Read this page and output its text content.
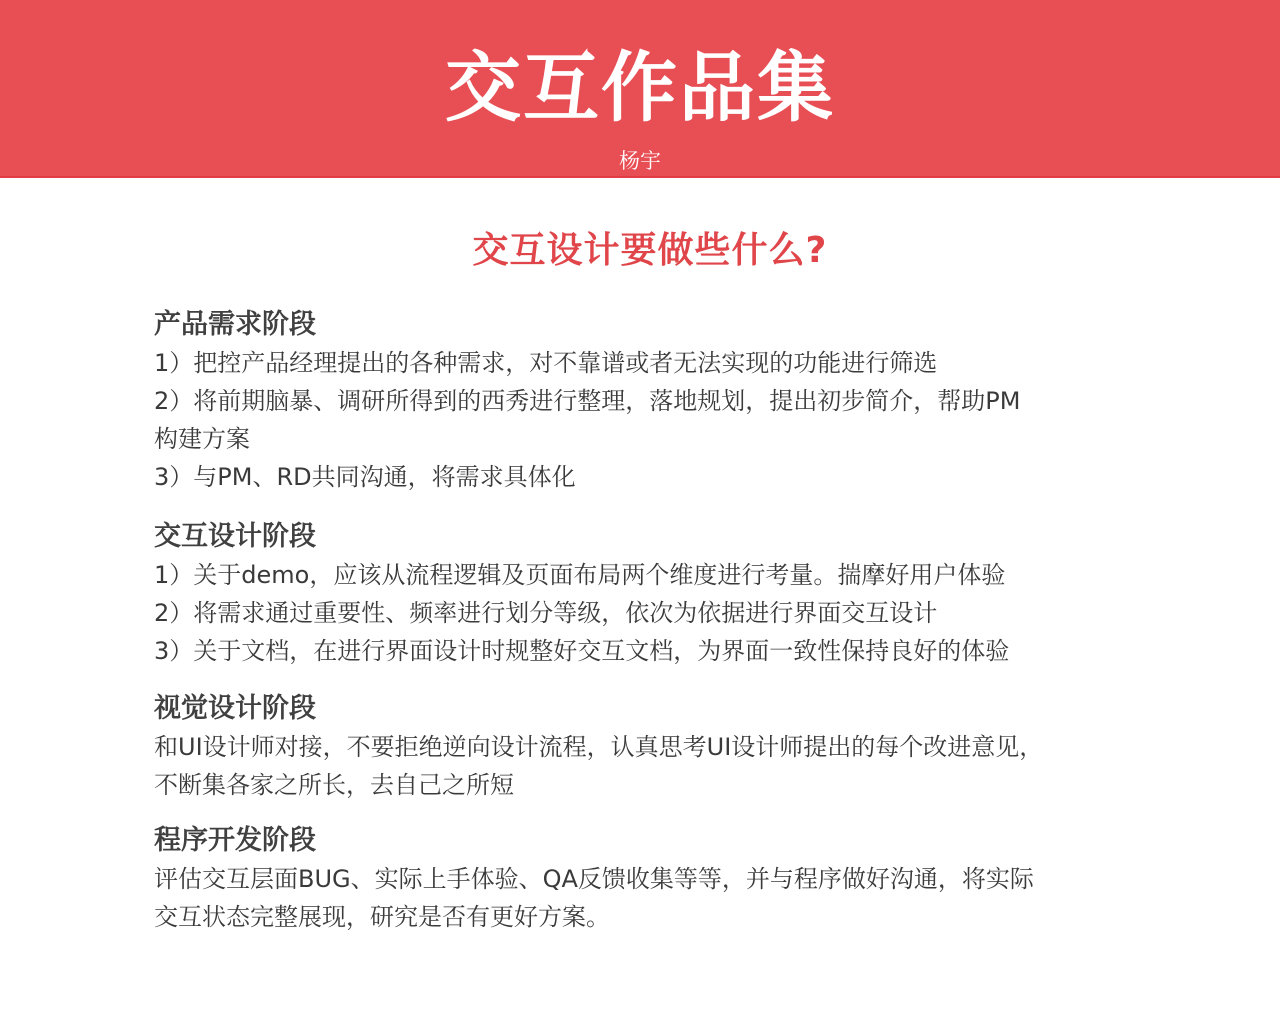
交互作品集
杨宇
交互设计要做些什么?
产品需求阶段
1）把控产品经理提出的各种需求，对不靠谱或者无法实现的功能进行筛选
2）将前期脑暴、调研所得到的西秀进行整理，落地规划，提出初步简介，帮助PM
构建方案
3）与PM、RD共同沟通，将需求具体化
交互设计阶段
1）关于demo，应该从流程逻辑及页面布局两个维度进行考量。揣摩好用户体验
2）将需求通过重要性、频率进行划分等级，依次为依据进行界面交互设计
3）关于文档，在进行界面设计时规整好交互文档，为界面一致性保持良好的体验
视觉设计阶段
和UI设计师对接，不要拒绝逆向设计流程，认真思考UI设计师提出的每个改进意见，
不断集各家之所长，去自己之所短
程序开发阶段
评估交互层面BUG、实际上手体验、QA反馈收集等等，并与程序做好沟通，将实际
交互状态完整展现，研究是否有更好方案。
